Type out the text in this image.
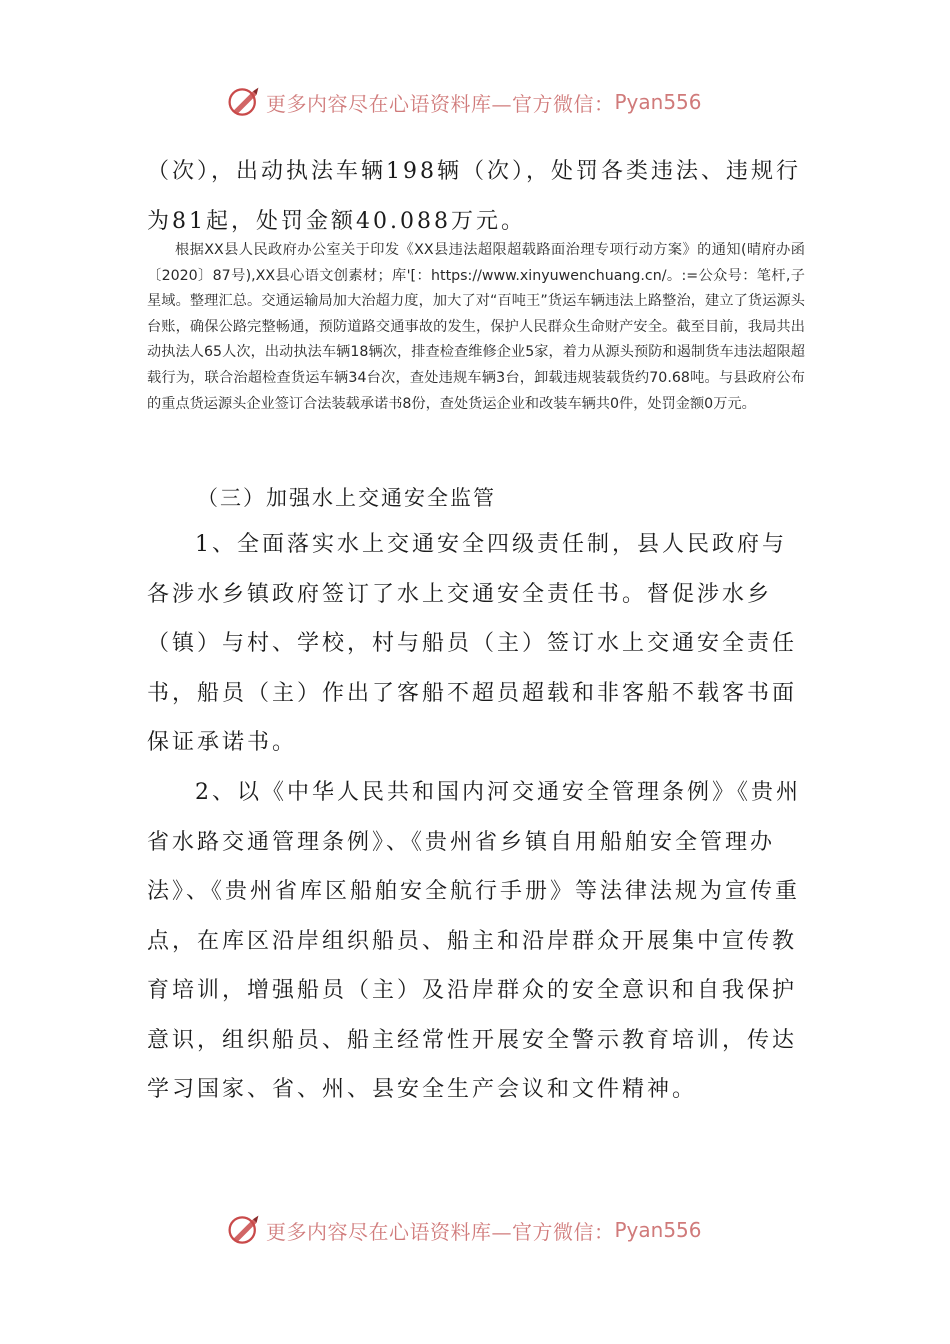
更多内容尽在心语资料库—官方微信： Pyan556

（次），出动执法车辆198辆（次），处罚各类违法、违规行为81起，处罚金额40.088万元。

根据XX县人民政府办公室关于印发《XX县违法超限超载路面治理专项行动方案》的通知(晴府办函〔2020〕87号),XX县心语文创素材；库'[：https://www.xinyuwenchuang.cn/。:=公众号：笔杆,子星域。整理汇总。交通运输局加大治超力度，加大了对“百吨王”货运车辆违法上路整治，建立了货运源头台账，确保公路完整畅通，预防道路交通事故的发生，保护人民群众生命财产安全。截至目前，我局共出动执法人65人次，出动执法车辆18辆次，排查检查维修企业5家，着力从源头预防和遏制货车违法超限超载行为，联合治超检查货运车辆34台次，查处违规车辆3台，卸载违规装载货约70.68吨。与县政府公布的重点货运源头企业签订合法装载承诺书8份，查处货运企业和改装车辆共0件，处罚金额0万元。

（三）加强水上交通安全监管

1、全面落实水上交通安全四级责任制，县人民政府与各涉水乡镇政府签订了水上交通安全责任书。督促涉水乡（镇）与村、学校，村与船员（主）签订水上交通安全责任书，船员（主）作出了客船不超员超载和非客船不载客书面保证承诺书。

2、以《中华人民共和国内河交通安全管理条例》《贵州省水路交通管理条例》、《贵州省乡镇自用船舶安全管理办法》、《贵州省库区船舶安全航行手册》等法律法规为宣传重点，在库区沿岸组织船员、船主和沿岸群众开展集中宣传教育培训，增强船员（主）及沿岸群众的安全意识和自我保护意识，组织船员、船主经常性开展安全警示教育培训，传达学习国家、省、州、县安全生产会议和文件精神。

更多内容尽在心语资料库—官方微信： Pyan556
